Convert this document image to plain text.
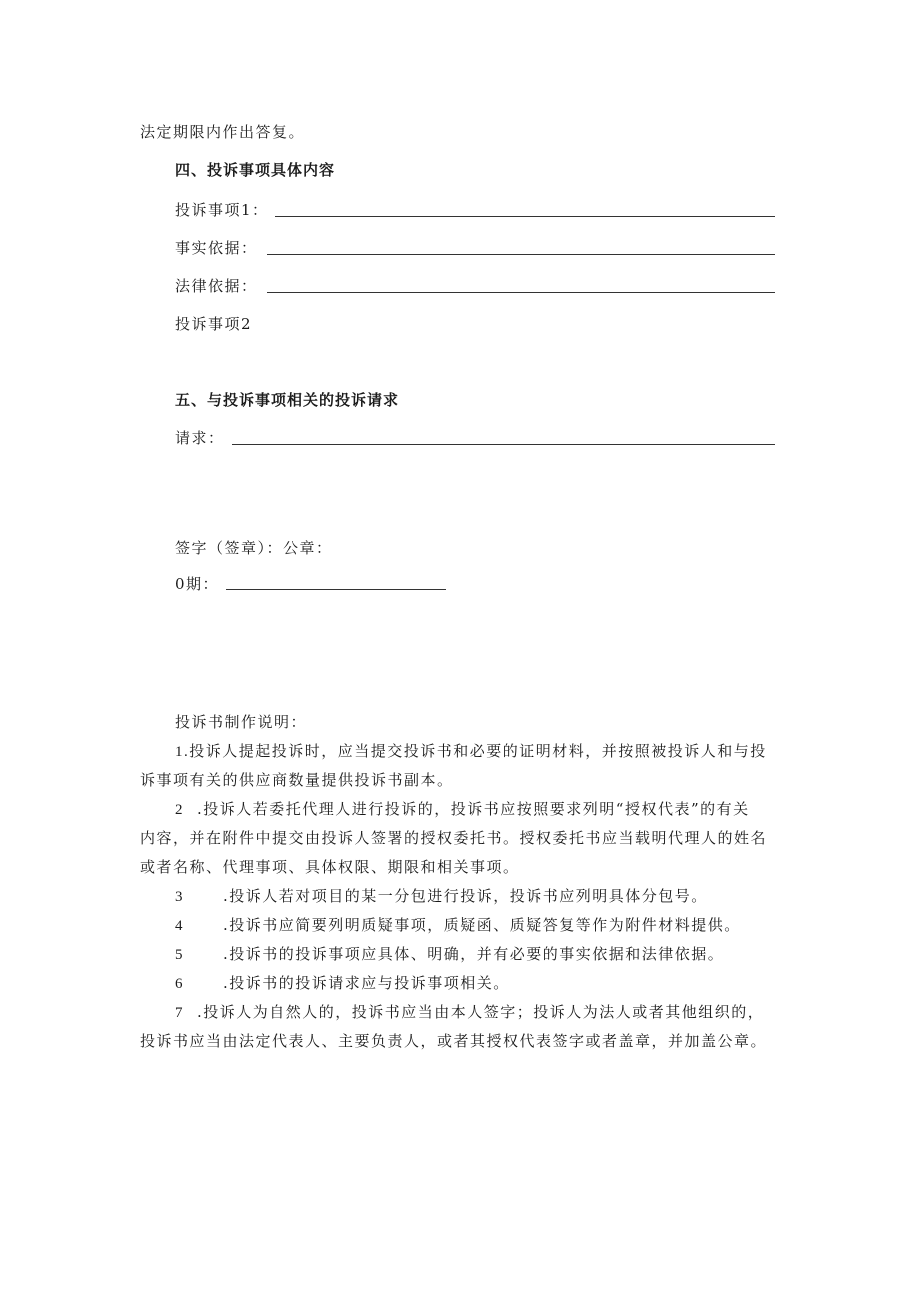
法定期限内作出答复。
四、投诉事项具体内容
投诉事项1：
事实依据：
法律依据：
投诉事项2
五、与投诉事项相关的投诉请求
请求：
签字（签章）：公章：
0期：
投诉书制作说明：
1.投诉人提起投诉时，应当提交投诉书和必要的证明材料，并按照被投诉人和与投
诉事项有关的供应商数量提供投诉书副本。
2 .投诉人若委托代理人进行投诉的，投诉书应按照要求列明“授权代表”的有关
内容，并在附件中提交由投诉人签署的授权委托书。授权委托书应当载明代理人的姓名
或者名称、代理事项、具体权限、期限和相关事项。
3	.投诉人若对项目的某一分包进行投诉，投诉书应列明具体分包号。
4	.投诉书应简要列明质疑事项，质疑函、质疑答复等作为附件材料提供。
5	.投诉书的投诉事项应具体、明确，并有必要的事实依据和法律依据。
6	.投诉书的投诉请求应与投诉事项相关。
7 .投诉人为自然人的，投诉书应当由本人签字；投诉人为法人或者其他组织的，
投诉书应当由法定代表人、主要负责人，或者其授权代表签字或者盖章，并加盖公章。
